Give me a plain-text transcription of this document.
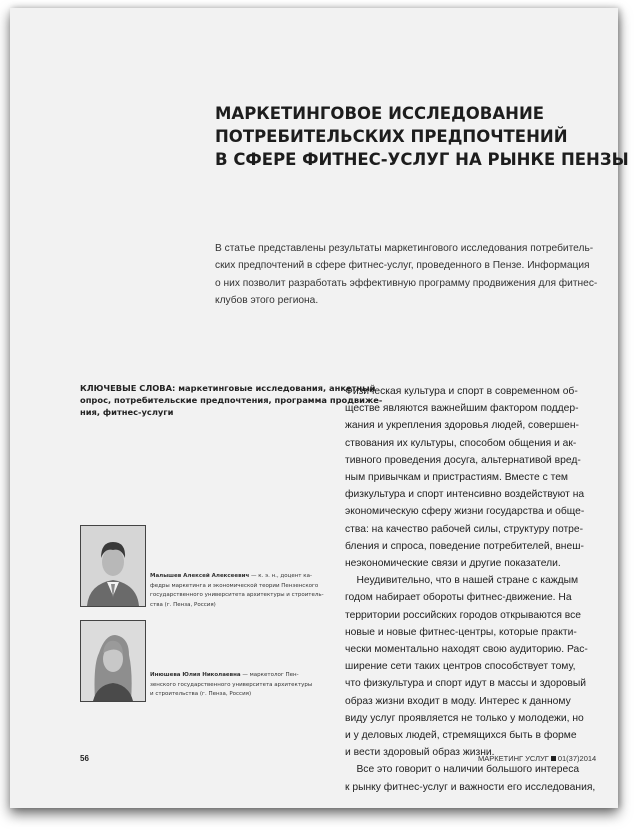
МАРКЕТИНГОВОЕ ИССЛЕДОВАНИЕ
ПОТРЕБИТЕЛЬСКИХ ПРЕДПОЧТЕНИЙ
В СФЕРЕ ФИТНЕС-УСЛУГ НА РЫНКЕ ПЕНЗЫ
В статье представлены результаты маркетингового исследования потребитель-
ских предпочтений в сфере фитнес-услуг, проведенного в Пензе. Информация
о них позволит разработать эффективную программу продвижения для фитнес-
клубов этого региона.
КЛЮЧЕВЫЕ СЛОВА: маркетинговые исследования, анкетный
опрос, потребительские предпочтения, программа продвиже-
ния, фитнес-услуги
Физическая культура и спорт в современном об-
ществе являются важнейшим фактором поддер-
жания и укрепления здоровья людей, совершен-
ствования их культуры, способом общения и ак-
тивного проведения досуга, альтернативой вред-
ным привычкам и пристрастиям. Вместе с тем
физкультура и спорт интенсивно воздействуют на
экономическую сферу жизни государства и обще-
ства: на качество рабочей силы, структуру потре-
бления и спроса, поведение потребителей, внеш-
неэкономические связи и другие показатели.
Неудивительно, что в нашей стране с каждым
годом набирает обороты фитнес-движение. На
территории российских городов открываются все
новые и новые фитнес-центры, которые практи-
чески моментально находят свою аудиторию. Рас-
ширение сети таких центров способствует тому,
что физкультура и спорт идут в массы и здоровый
образ жизни входит в моду. Интерес к данному
виду услуг проявляется не только у молодежи, но
и у деловых людей, стремящихся быть в форме
и вести здоровый образ жизни.
Все это говорит о наличии большого интереса
к рынку фитнес-услуг и важности его исследования,
Малышев Алексей Алексеевич — к. э. н., доцент ка-
федры маркетинга и экономической теории Пензенского
государственного университета архитектуры и строитель-
ства (г. Пенза, Россия)
Инюшева Юлия Николаевна — маркетолог Пен-
зенского государственного университета архитектуры
и строительства (г. Пенза, Россия)
56	МАРКЕТИНГ УСЛУГ 01(37)2014
